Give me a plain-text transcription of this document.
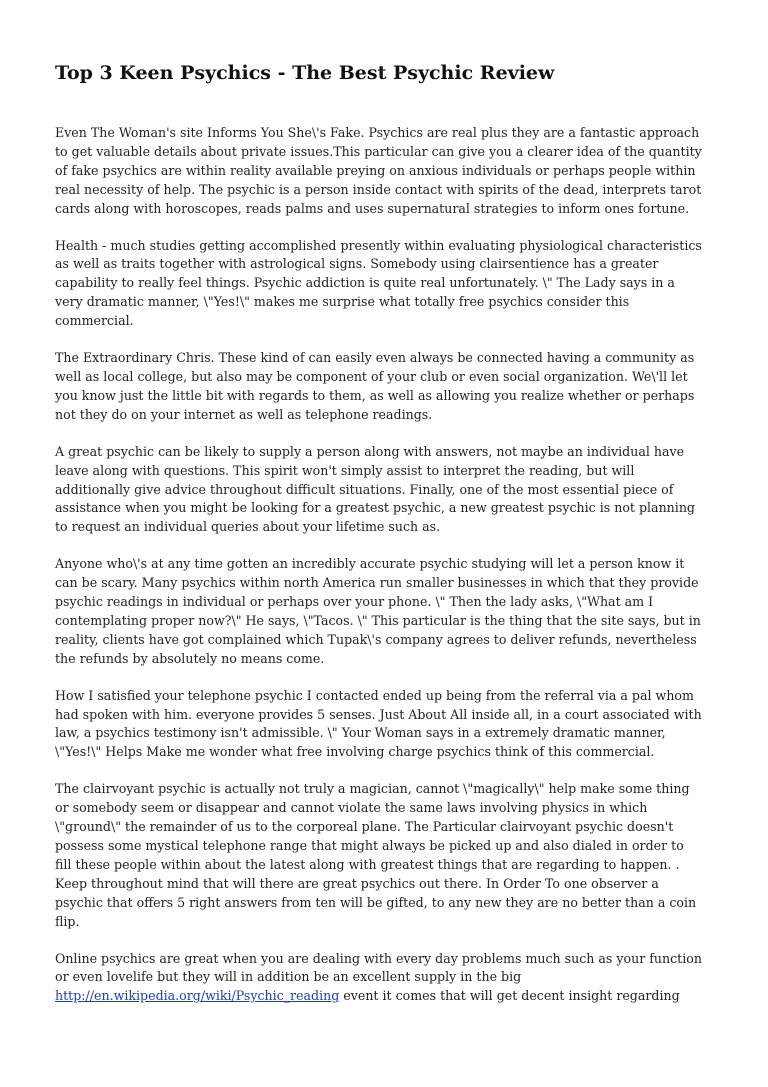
Top 3 Keen Psychics - The Best Psychic Review
Even The Woman's site Informs You She\'s Fake. Psychics are real plus they are a fantastic approach
to get valuable details about private issues.This particular can give you a clearer idea of the quantity
of fake psychics are within reality available preying on anxious individuals or perhaps people within
real necessity of help. The psychic is a person inside contact with spirits of the dead, interprets tarot
cards along with horoscopes, reads palms and uses supernatural strategies to inform ones fortune.
Health - much studies getting accomplished presently within evaluating physiological characteristics
as well as traits together with astrological signs. Somebody using clairsentience has a greater
capability to really feel things. Psychic addiction is quite real unfortunately. \" The Lady says in a
very dramatic manner, \"Yes!\" makes me surprise what totally free psychics consider this
commercial.
The Extraordinary Chris. These kind of can easily even always be connected having a community as
well as local college, but also may be component of your club or even social organization. We\'ll let
you know just the little bit with regards to them, as well as allowing you realize whether or perhaps
not they do on your internet as well as telephone readings.
A great psychic can be likely to supply a person along with answers, not maybe an individual have
leave along with questions. This spirit won't simply assist to interpret the reading, but will
additionally give advice throughout difficult situations. Finally, one of the most essential piece of
assistance when you might be looking for a greatest psychic, a new greatest psychic is not planning
to request an individual queries about your lifetime such as.
Anyone who\'s at any time gotten an incredibly accurate psychic studying will let a person know it
can be scary. Many psychics within north America run smaller businesses in which that they provide
psychic readings in individual or perhaps over your phone. \" Then the lady asks, \"What am I
contemplating proper now?\" He says, \"Tacos. \" This particular is the thing that the site says, but in
reality, clients have got complained which Tupak\'s company agrees to deliver refunds, nevertheless
the refunds by absolutely no means come.
How I satisfied your telephone psychic I contacted ended up being from the referral via a pal whom
had spoken with him. everyone provides 5 senses. Just About All inside all, in a court associated with
law, a psychics testimony isn't admissible. \" Your Woman says in a extremely dramatic manner,
\"Yes!\" Helps Make me wonder what free involving charge psychics think of this commercial.
The clairvoyant psychic is actually not truly a magician, cannot \"magically\" help make some thing
or somebody seem or disappear and cannot violate the same laws involving physics in which
\"ground\" the remainder of us to the corporeal plane. The Particular clairvoyant psychic doesn't
possess some mystical telephone range that might always be picked up and also dialed in order to
fill these people within about the latest along with greatest things that are regarding to happen. .
Keep throughout mind that will there are great psychics out there. In Order To one observer a
psychic that offers 5 right answers from ten will be gifted, to any new they are no better than a coin
flip.
Online psychics are great when you are dealing with every day problems much such as your function
or even lovelife but they will in addition be an excellent supply in the big
http://en.wikipedia.org/wiki/Psychic_reading event it comes that will get decent insight regarding
